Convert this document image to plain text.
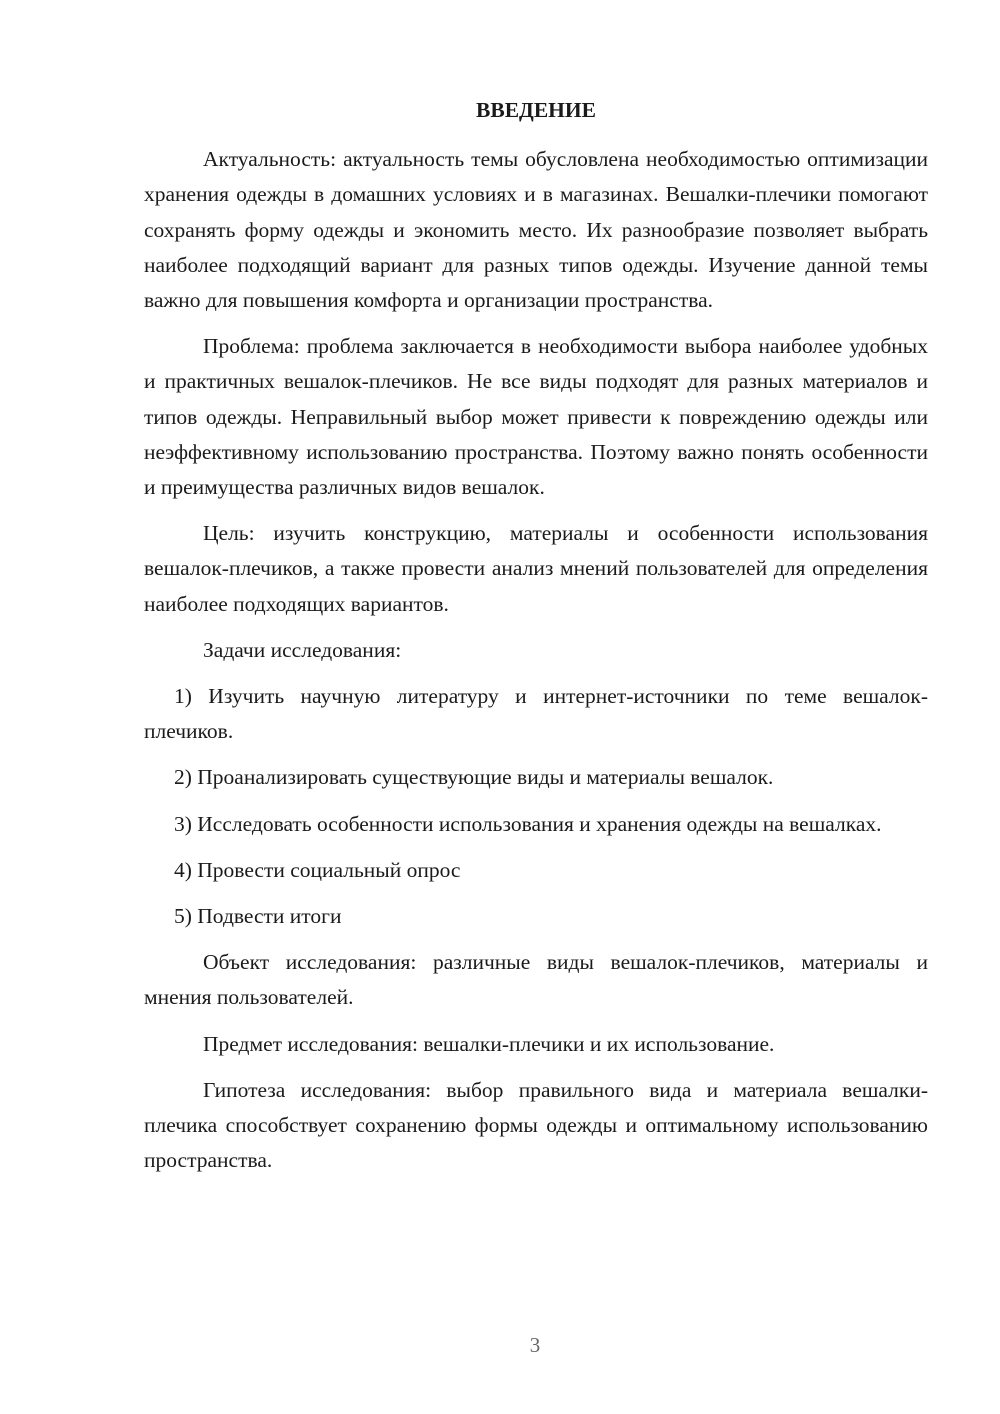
ВВЕДЕНИЕ

Актуальность: актуальность темы обусловлена необходимостью оптимизации хранения одежды в домашних условиях и в магазинах. Вешалки-плечики помогают сохранять форму одежды и экономить место. Их разнообразие позволяет выбрать наиболее подходящий вариант для разных типов одежды. Изучение данной темы важно для повышения комфорта и организации пространства.

Проблема: проблема заключается в необходимости выбора наиболее удобных и практичных вешалок-плечиков. Не все виды подходят для разных материалов и типов одежды. Неправильный выбор может привести к повреждению одежды или неэффективному использованию пространства. Поэтому важно понять особенности и преимущества различных видов вешалок.

Цель: изучить конструкцию, материалы и особенности использования вешалок-плечиков, а также провести анализ мнений пользователей для определения наиболее подходящих вариантов.

Задачи исследования:

1) Изучить научную литературу и интернет-источники по теме вешалок-плечиков.

2) Проанализировать существующие виды и материалы вешалок.

3) Исследовать особенности использования и хранения одежды на вешалках.

4) Провести социальный опрос

5) Подвести итоги

Объект исследования: различные виды вешалок-плечиков, материалы и мнения пользователей.

Предмет исследования: вешалки-плечики и их использование.

Гипотеза исследования: выбор правильного вида и материала вешалки-плечика способствует сохранению формы одежды и оптимальному использованию пространства.

3
